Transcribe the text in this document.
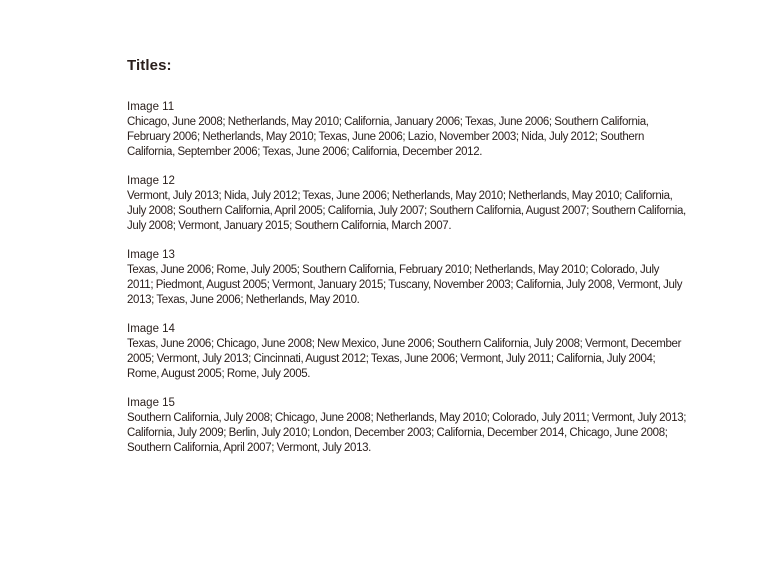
Titles:

Image 11

Chicago, June 2008; Netherlands, May 2010; California, January 2006; Texas, June 2006; Southern California, February 2006; Netherlands, May 2010; Texas, June 2006; Lazio, November 2003; Nida, July 2012; Southern California, September 2006; Texas, June 2006; California, December 2012.

Image 12

Vermont, July 2013; Nida, July 2012; Texas, June 2006; Netherlands, May 2010; Netherlands, May 2010; California, July 2008; Southern California, April 2005; California, July 2007; Southern California, August 2007; Southern California, July 2008; Vermont, January 2015; Southern California, March 2007.

Image 13

Texas, June 2006; Rome, July 2005; Southern California, February 2010; Netherlands, May 2010; Colorado, July 2011; Piedmont, August 2005; Vermont, January 2015; Tuscany, November 2003; California, July 2008, Vermont, July 2013; Texas, June 2006; Netherlands, May 2010.

Image 14

Texas, June 2006; Chicago, June 2008; New Mexico, June 2006; Southern California, July 2008; Vermont, December 2005; Vermont, July 2013; Cincinnati, August 2012; Texas, June 2006; Vermont, July 2011; California, July 2004; Rome, August 2005; Rome, July 2005.

Image 15

Southern California, July 2008; Chicago, June 2008; Netherlands, May 2010; Colorado, July 2011; Vermont, July 2013; California, July 2009; Berlin, July 2010; London, December 2003; California, December 2014, Chicago, June 2008; Southern California, April 2007; Vermont, July 2013.
